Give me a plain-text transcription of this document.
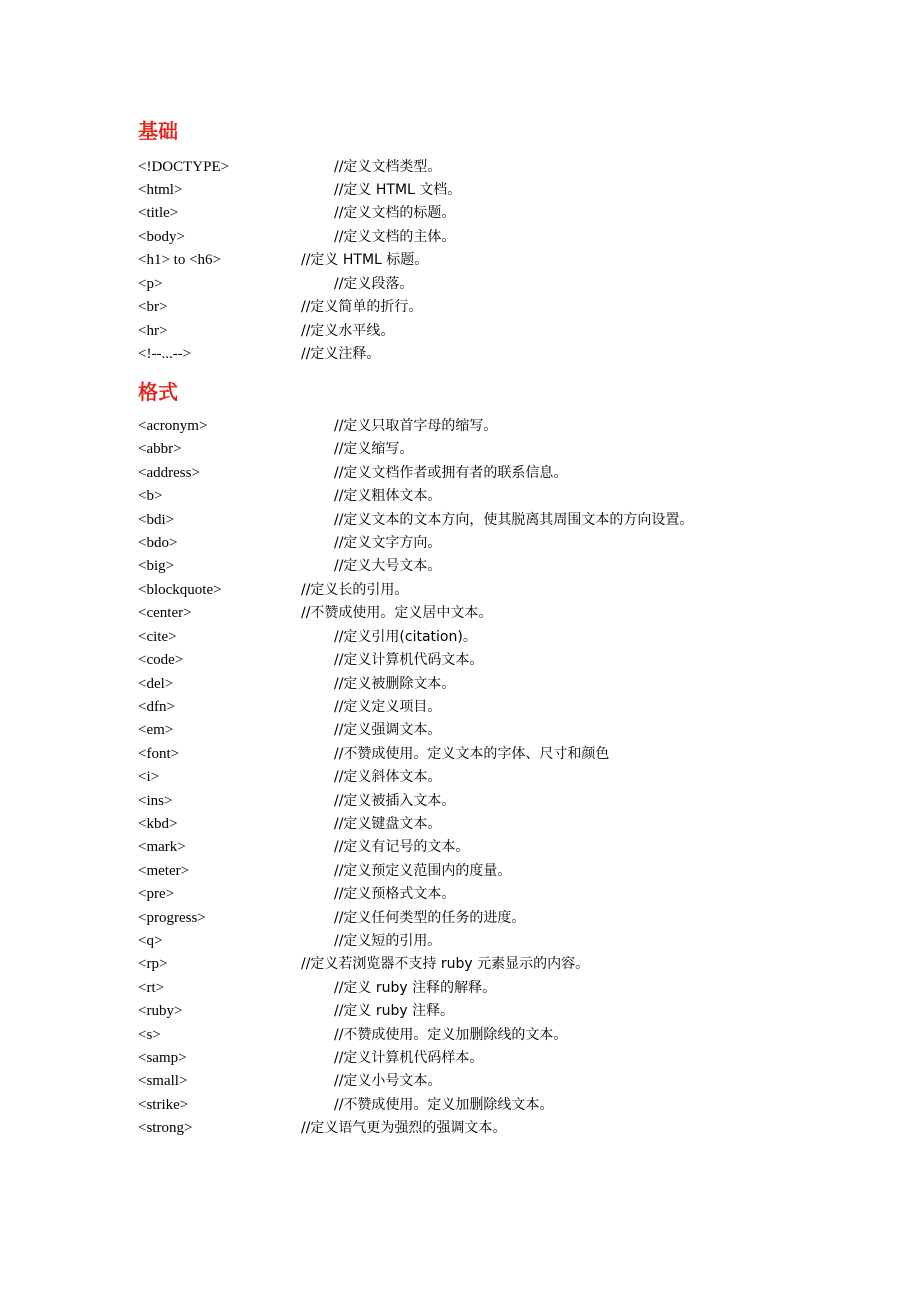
基础
<!DOCTYPE>	//定义文档类型。
<html>	//定义 HTML 文档。
<title>	//定义文档的标题。
<body>	//定义文档的主体。
<h1> to <h6>	//定义 HTML 标题。
<p>	//定义段落。
<br>	//定义简单的折行。
<hr>	//定义水平线。
<!--...-->	//定义注释。
格式
<acronym>	//定义只取首字母的缩写。
<abbr>	//定义缩写。
<address>	//定义文档作者或拥有者的联系信息。
<b>	//定义粗体文本。
<bdi>	//定义文本的文本方向，使其脱离其周围文本的方向设置。
<bdo>	//定义文字方向。
<big>	//定义大号文本。
<blockquote>	//定义长的引用。
<center>	//不赞成使用。定义居中文本。
<cite>	//定义引用(citation)。
<code>	//定义计算机代码文本。
<del>	//定义被删除文本。
<dfn>	//定义定义项目。
<em>	//定义强调文本。
<font>	//不赞成使用。定义文本的字体、尺寸和颜色
<i>	//定义斜体文本。
<ins>	//定义被插入文本。
<kbd>	//定义键盘文本。
<mark>	//定义有记号的文本。
<meter>	//定义预定义范围内的度量。
<pre>	//定义预格式文本。
<progress>	//定义任何类型的任务的进度。
<q>	//定义短的引用。
<rp>	//定义若浏览器不支持 ruby 元素显示的内容。
<rt>	//定义 ruby 注释的解释。
<ruby>	//定义 ruby 注释。
<s>	//不赞成使用。定义加删除线的文本。
<samp>	//定义计算机代码样本。
<small>	//定义小号文本。
<strike>	//不赞成使用。定义加删除线文本。
<strong>	//定义语气更为强烈的强调文本。
